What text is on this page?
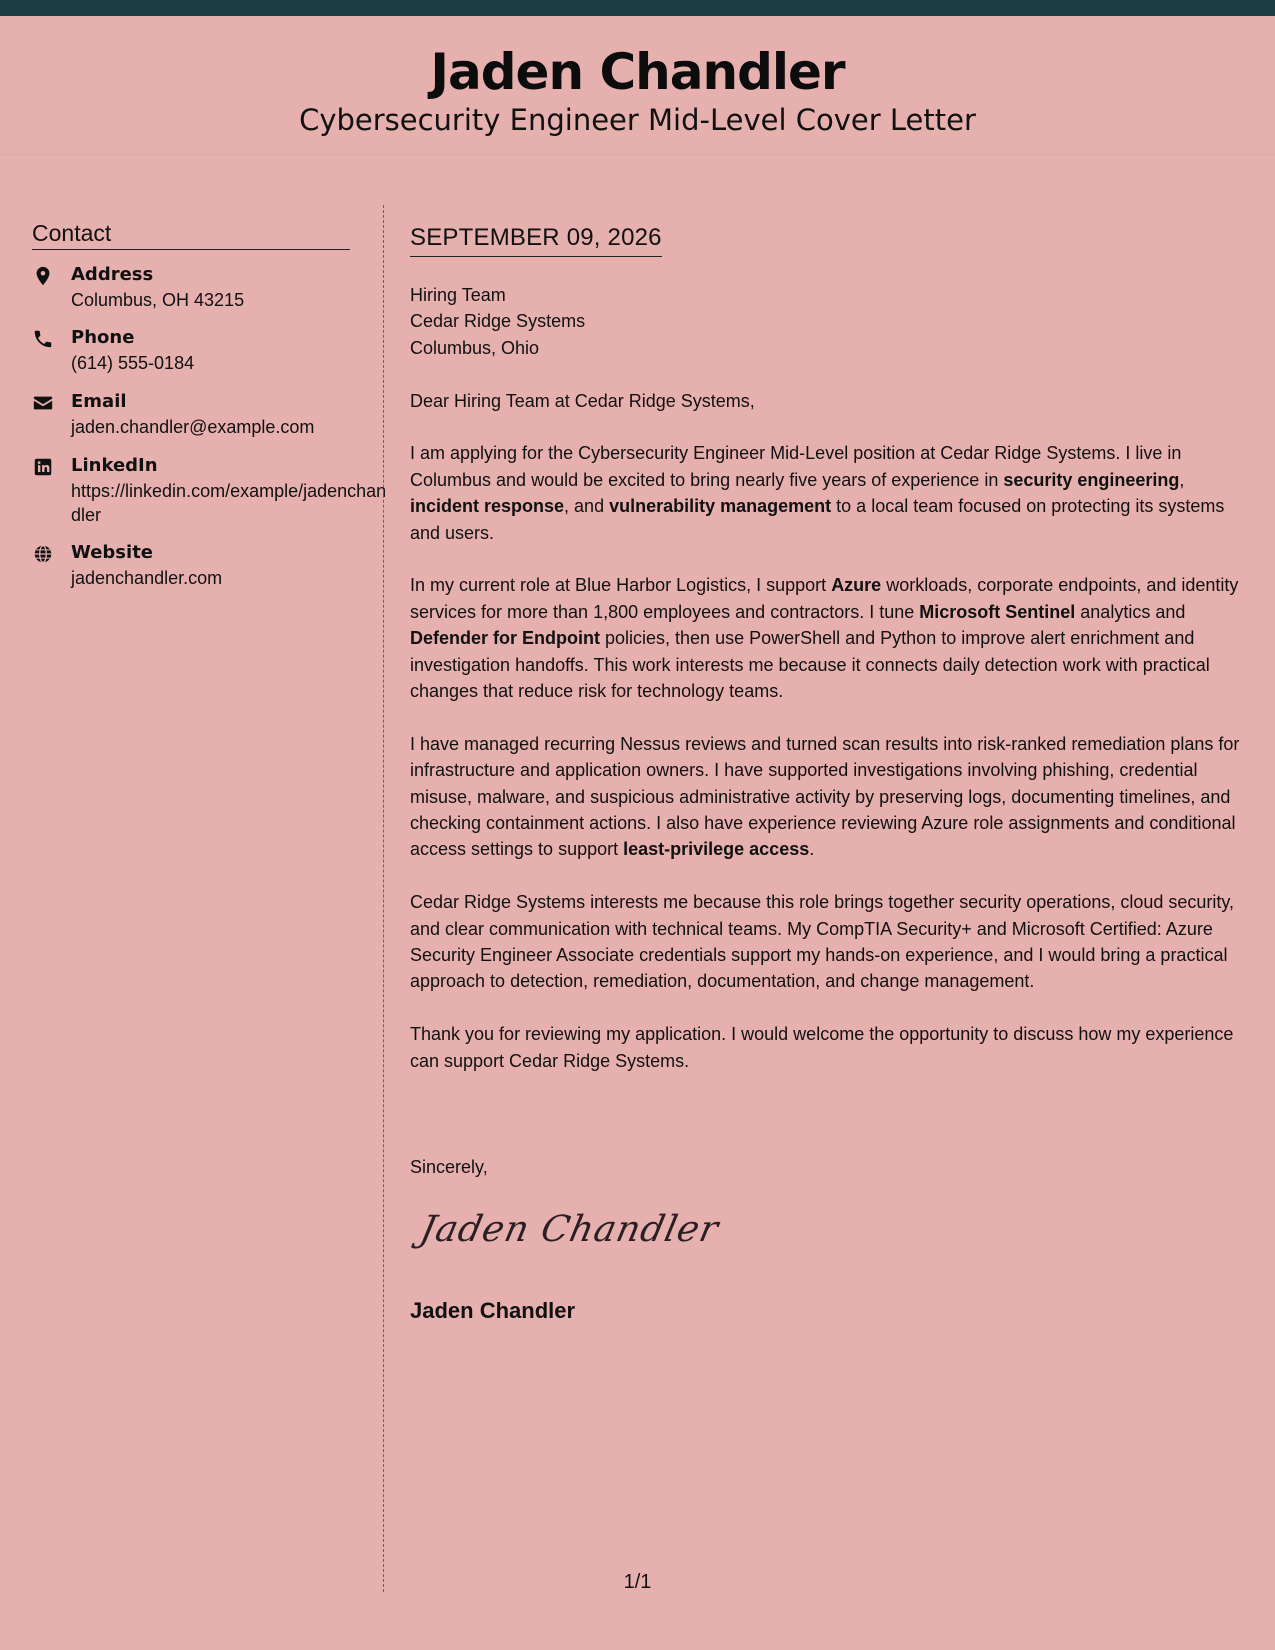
Jaden Chandler
Cybersecurity Engineer Mid-Level Cover Letter
Contact
Address
Columbus, OH 43215
Phone
(614) 555-0184
Email
jaden.chandler@example.com
LinkedIn
https://linkedin.com/example/jadenchandler
Website
jadenchandler.com
SEPTEMBER 09, 2026

Hiring Team
Cedar Ridge Systems
Columbus, Ohio

Dear Hiring Team at Cedar Ridge Systems,

I am applying for the Cybersecurity Engineer Mid-Level position at Cedar Ridge Systems. I live in Columbus and would be excited to bring nearly five years of experience in security engineering, incident response, and vulnerability management to a local team focused on protecting its systems and users.

In my current role at Blue Harbor Logistics, I support Azure workloads, corporate endpoints, and identity services for more than 1,800 employees and contractors. I tune Microsoft Sentinel analytics and Defender for Endpoint policies, then use PowerShell and Python to improve alert enrichment and investigation handoffs. This work interests me because it connects daily detection work with practical changes that reduce risk for technology teams.

I have managed recurring Nessus reviews and turned scan results into risk-ranked remediation plans for infrastructure and application owners. I have supported investigations involving phishing, credential misuse, malware, and suspicious administrative activity by preserving logs, documenting timelines, and checking containment actions. I also have experience reviewing Azure role assignments and conditional access settings to support least-privilege access.

Cedar Ridge Systems interests me because this role brings together security operations, cloud security, and clear communication with technical teams. My CompTIA Security+ and Microsoft Certified: Azure Security Engineer Associate credentials support my hands-on experience, and I would bring a practical approach to detection, remediation, documentation, and change management.

Thank you for reviewing my application. I would welcome the opportunity to discuss how my experience can support Cedar Ridge Systems.

Sincerely,
Jaden Chandler
Jaden Chandler
1/1
